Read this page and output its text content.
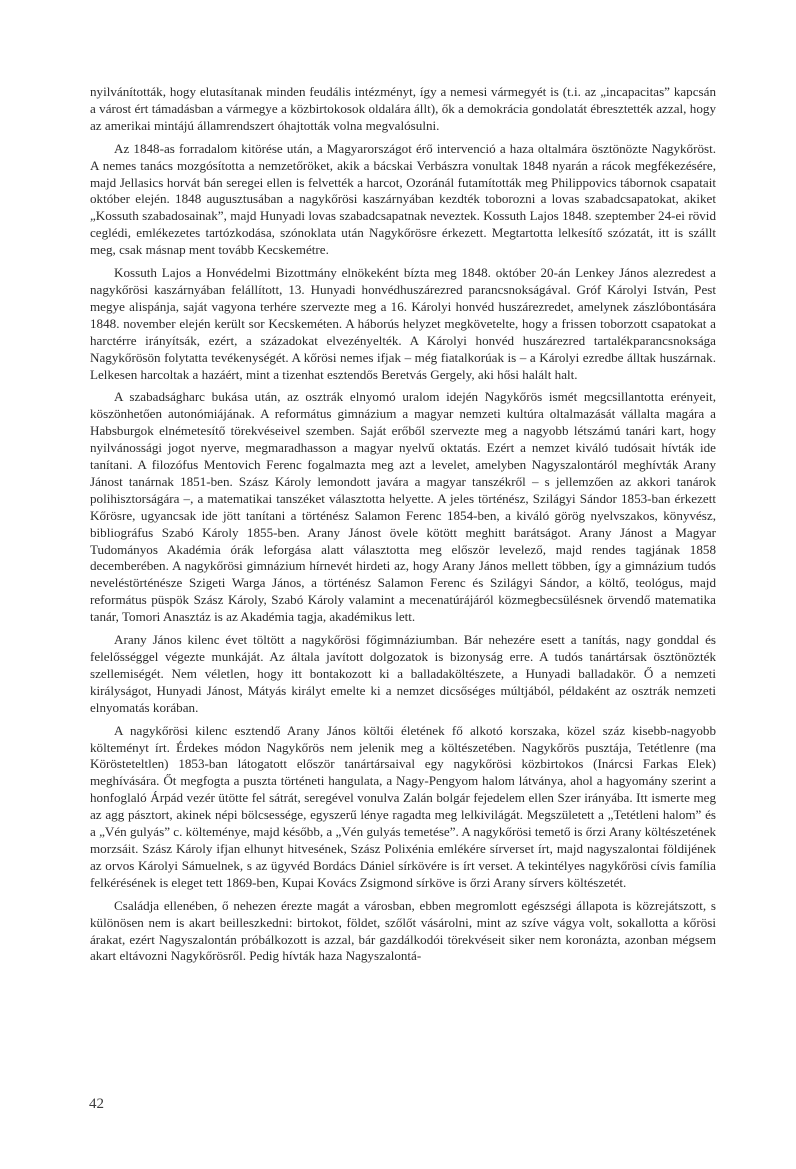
nyilvánították, hogy elutasítanak minden feudális intézményt, így a nemesi vármegyét is (t.i. az „incapacitas” kapcsán a várost ért támadásban a vármegye a közbirtokosok oldalára állt), ők a demokrácia gondolatát ébresztették azzal, hogy az amerikai mintájú államrendszert óhajtották volna megvalósulni.

Az 1848-as forradalom kitörése után, a Magyarországot érő intervenció a haza oltalmára ösztönözte Nagykőröst. A nemes tanács mozgósította a nemzetőröket, akik a bácskai Verbászra vonultak 1848 nyarán a rácok megfékezésére, majd Jellasics horvát bán seregei ellen is felvették a harcot, Ozoránál futamították meg Philippovics tábornok csapatait október elején. 1848 augusztusában a nagykőrösi kaszárnyában kezdték toborozni a lovas szabadcsapatokat, akiket „Kossuth szabadosainak”, majd Hunyadi lovas szabadcsapatnak neveztek. Kossuth Lajos 1848. szeptember 24-ei rövid ceglédi, emlékezetes tartózkodása, szónoklata után Nagykőrösre érkezett. Megtartotta lelkesítő szózatát, itt is szállt meg, csak másnap ment tovább Kecskemétre.

Kossuth Lajos a Honvédelmi Bizottmány elnökeként bízta meg 1848. október 20-án Lenkey János alezredest a nagykőrösi kaszárnyában felállított, 13. Hunyadi honvédhuszárezred parancsnokságával. Gróf Károlyi István, Pest megye alispánja, saját vagyona terhére szervezte meg a 16. Károlyi honvéd huszárezredet, amelynek zászlóbontására 1848. november elején került sor Kecskeméten. A háborús helyzet megkövetelte, hogy a frissen toborzott csapatokat a harctérre irányítsák, ezért, a századokat elvezényelték. A Károlyi honvéd huszárezred tartalékparancsnoksága Nagykőrösön folytatta tevékenységét. A kőrösi nemes ifjak – még fiatalkorúak is – a Károlyi ezredbe álltak huszárnak. Lelkesen harcoltak a hazáért, mint a tizenhat esztendős Beretvás Gergely, aki hősi halált halt.

A szabadságharc bukása után, az osztrák elnyomó uralom idején Nagykőrös ismét megcsillantotta erényeit, köszönhetően autonómiájának. A református gimnázium a magyar nemzeti kultúra oltalmazását vállalta magára a Habsburgok elnémetesítő törekvéseivel szemben. Saját erőből szervezte meg a nagyobb létszámú tanári kart, hogy nyilvánossági jogot nyerve, megmaradhasson a magyar nyelvű oktatás. Ezért a nemzet kiváló tudósait hívták ide tanítani. A filozófus Mentovich Ferenc fogalmazta meg azt a levelet, amelyben Nagyszalontáról meghívták Arany Jánost tanárnak 1851-ben. Szász Károly lemondott javára a magyar tanszékről – s jellemzően az akkori tanárok polihisztorságára –, a matematikai tanszéket választotta helyette. A jeles történész, Szilágyi Sándor 1853-ban érkezett Kőrösre, ugyancsak ide jött tanítani a történész Salamon Ferenc 1854-ben, a kiváló görög nyelvszakos, könyvész, bibliográfus Szabó Károly 1855-ben. Arany Jánost övele kötött meghitt barátságot. Arany Jánost a Magyar Tudományos Akadémia órák leforgása alatt választotta meg először levelező, majd rendes tagjának 1858 decemberében. A nagykőrösi gimnázium hírnevét hirdeti az, hogy Arany János mellett többen, így a gimnázium tudós neveléstörténésze Szigeti Warga János, a történész Salamon Ferenc és Szilágyi Sándor, a költő, teológus, majd református püspök Szász Károly, Szabó Károly valamint a mecenatúrájáról közmegbecsülésnek örvendő matematika tanár, Tomori Anasztáz is az Akadémia tagja, akadémikus lett.

Arany János kilenc évet töltött a nagykőrösi főgimnáziumban. Bár nehezére esett a tanítás, nagy gonddal és felelősséggel végezte munkáját. Az általa javított dolgozatok is bizonyság erre. A tudós tanártársak ösztönözték szellemiségét. Nem véletlen, hogy itt bontakozott ki a balladaköltészete, a Hunyadi balladakör. Ő a nemzeti királyságot, Hunyadi Jánost, Mátyás királyt emelte ki a nemzet dicsőséges múltjából, példaként az osztrák nemzeti elnyomatás korában.

A nagykőrösi kilenc esztendő Arany János költői életének fő alkotó korszaka, közel száz kisebb-nagyobb költeményt írt. Érdekes módon Nagykőrös nem jelenik meg a költészetében. Nagykőrös pusztája, Tetétlenre (ma Körösteteltlen) 1853-ban látogatott először tanártársaival egy nagykőrösi közbirtokos (Inárcsi Farkas Elek) meghívására. Őt megfogta a puszta történeti hangulata, a Nagy-Pengyom halom látványa, ahol a hagyomány szerint a honfoglaló Árpád vezér ütötte fel sátrát, seregével vonulva Zalán bolgár fejedelem ellen Szer irányába. Itt ismerte meg az agg pásztort, akinek népi bölcsessége, egyszerű lénye ragadta meg lelkivilágát. Megszületett a „Tetétleni halom” és a „Vén gulyás” c. költeménye, majd később, a „Vén gulyás temetése”. A nagykőrösi temető is őrzi Arany költészetének morzsáit. Szász Károly ifjan elhunyt hitvesének, Szász Polixénia emlékére sírverset írt, majd nagyszalontai földijének az orvos Károlyi Sámuelnek, s az ügyvéd Bordács Dániel sírkövére is írt verset. A tekintélyes nagykőrösi cívis família felkérésének is eleget tett 1869-ben, Kupai Kovács Zsigmond sírköve is őrzi Arany sírvers költészetét.

Családja ellenében, ő nehezen érezte magát a városban, ebben megromlott egészségi állapota is közrejátszott, s különösen nem is akart beilleszkedni: birtokot, földet, szőlőt vásárolni, mint az szíve vágya volt, sokallotta a kőrösi árakat, ezért Nagyszalontán próbálkozott is azzal, bár gazdálkodói törekvéseit siker nem koronázta, azonban mégsem akart eltávozni Nagykőrösről. Pedig hívták haza Nagyszalontá-

42
